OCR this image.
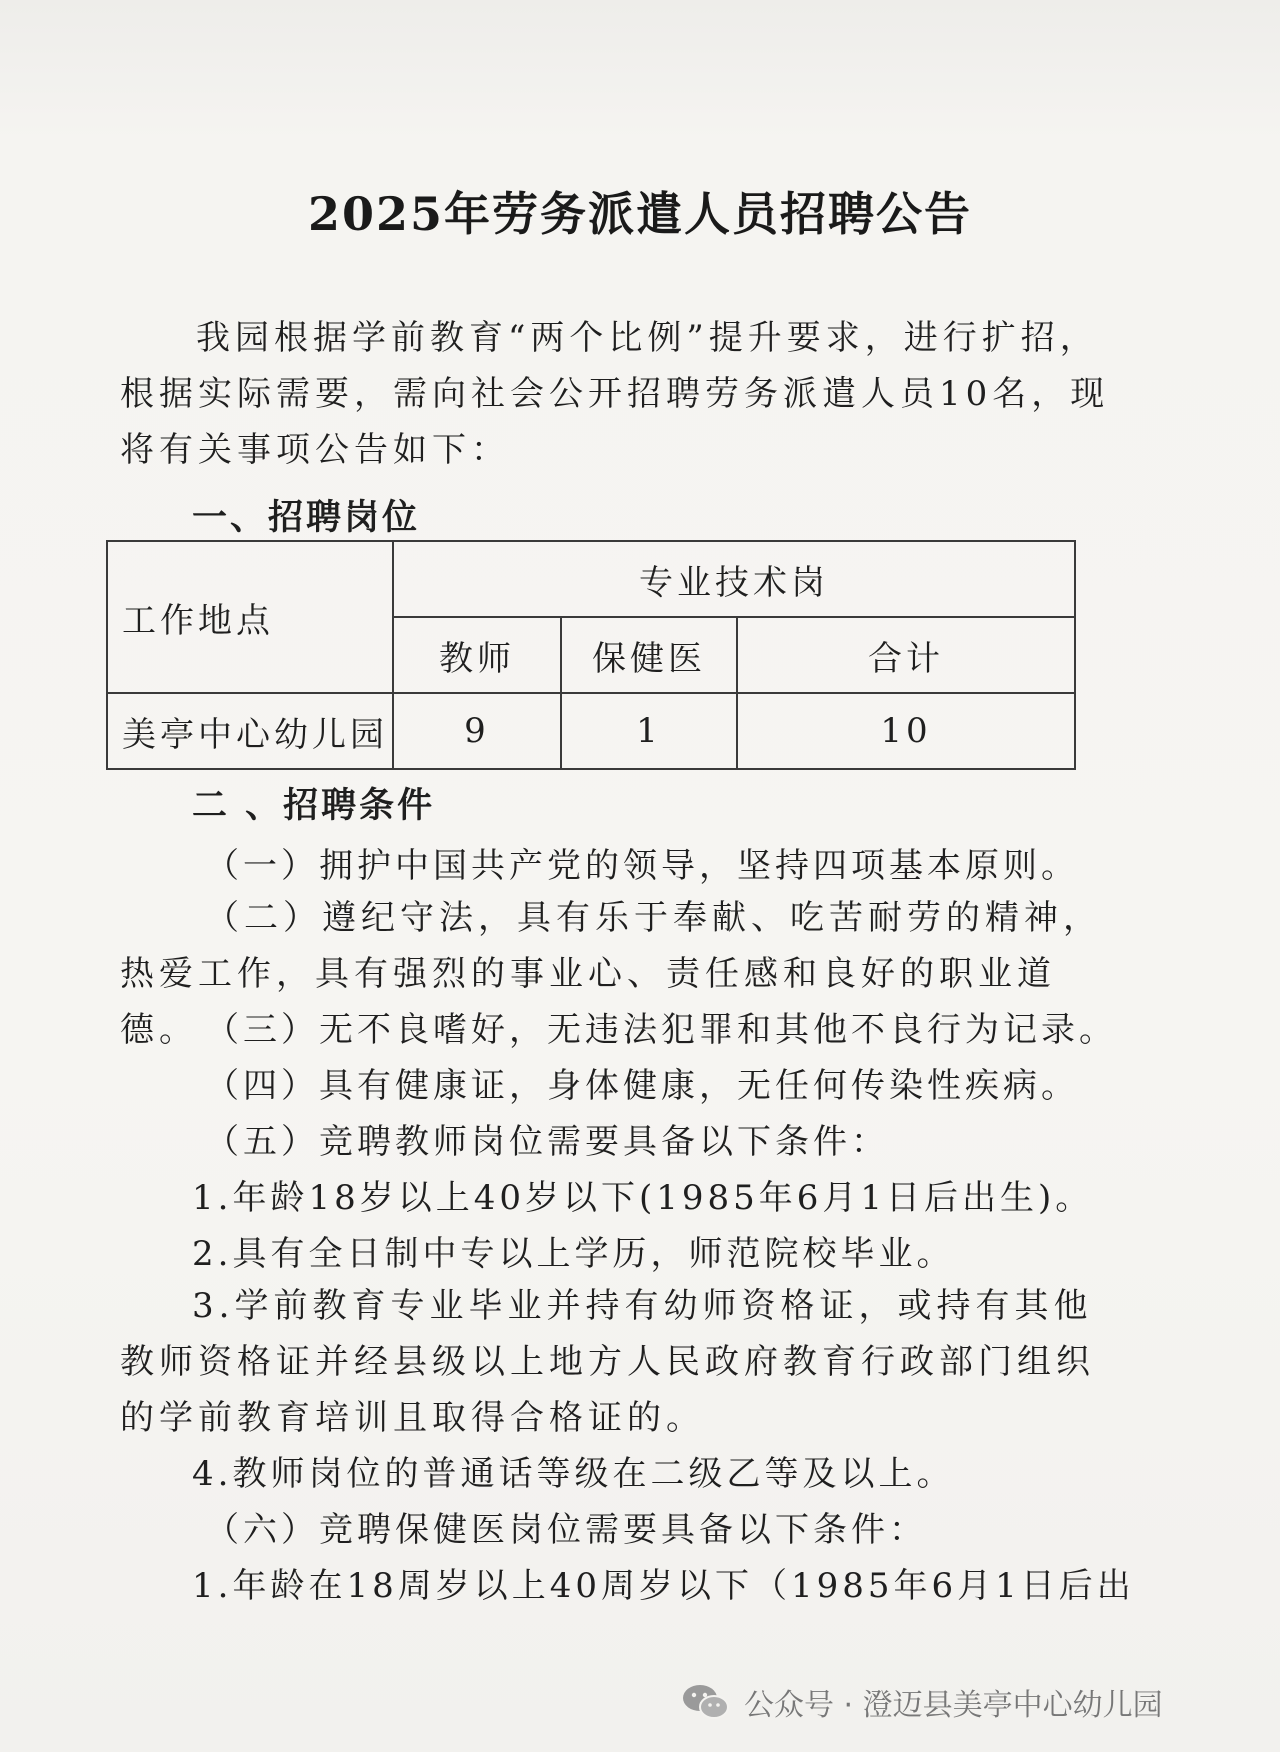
2025年劳务派遣人员招聘公告

我园根据学前教育“两个比例”提升要求，进行扩招，根据实际需要，需向社会公开招聘劳务派遣人员10名，现将有关事项公告如下：

一、招聘岗位
工作地点	专业技术岗		
	教师	保健医	合计
美亭中心幼儿园	9	1	10
二 、招聘条件
（一）拥护中国共产党的领导，坚持四项基本原则。

（二）遵纪守法，具有乐于奉献、吃苦耐劳的精神，热爱工作，具有强烈的事业心、责任感和良好的职业道德。 （三）无不良嗜好，无违法犯罪和其他不良行为记录。
（四）具有健康证，身体健康，无任何传染性疾病。
（五）竞聘教师岗位需要具备以下条件：
1.年龄18岁以上40岁以下(1985年6月1日后出生)。
2.具有全日制中专以上学历，师范院校毕业。

3.学前教育专业毕业并持有幼师资格证，或持有其他教师资格证并经县级以上地方人民政府教育行政部门组织的学前教育培训且取得合格证的。

4.教师岗位的普通话等级在二级乙等及以上。
（六）竞聘保健医岗位需要具备以下条件：
1.年龄在18周岁以上40周岁以下（1985年6月1日后出
公众号 · 澄迈县美亭中心幼儿园
